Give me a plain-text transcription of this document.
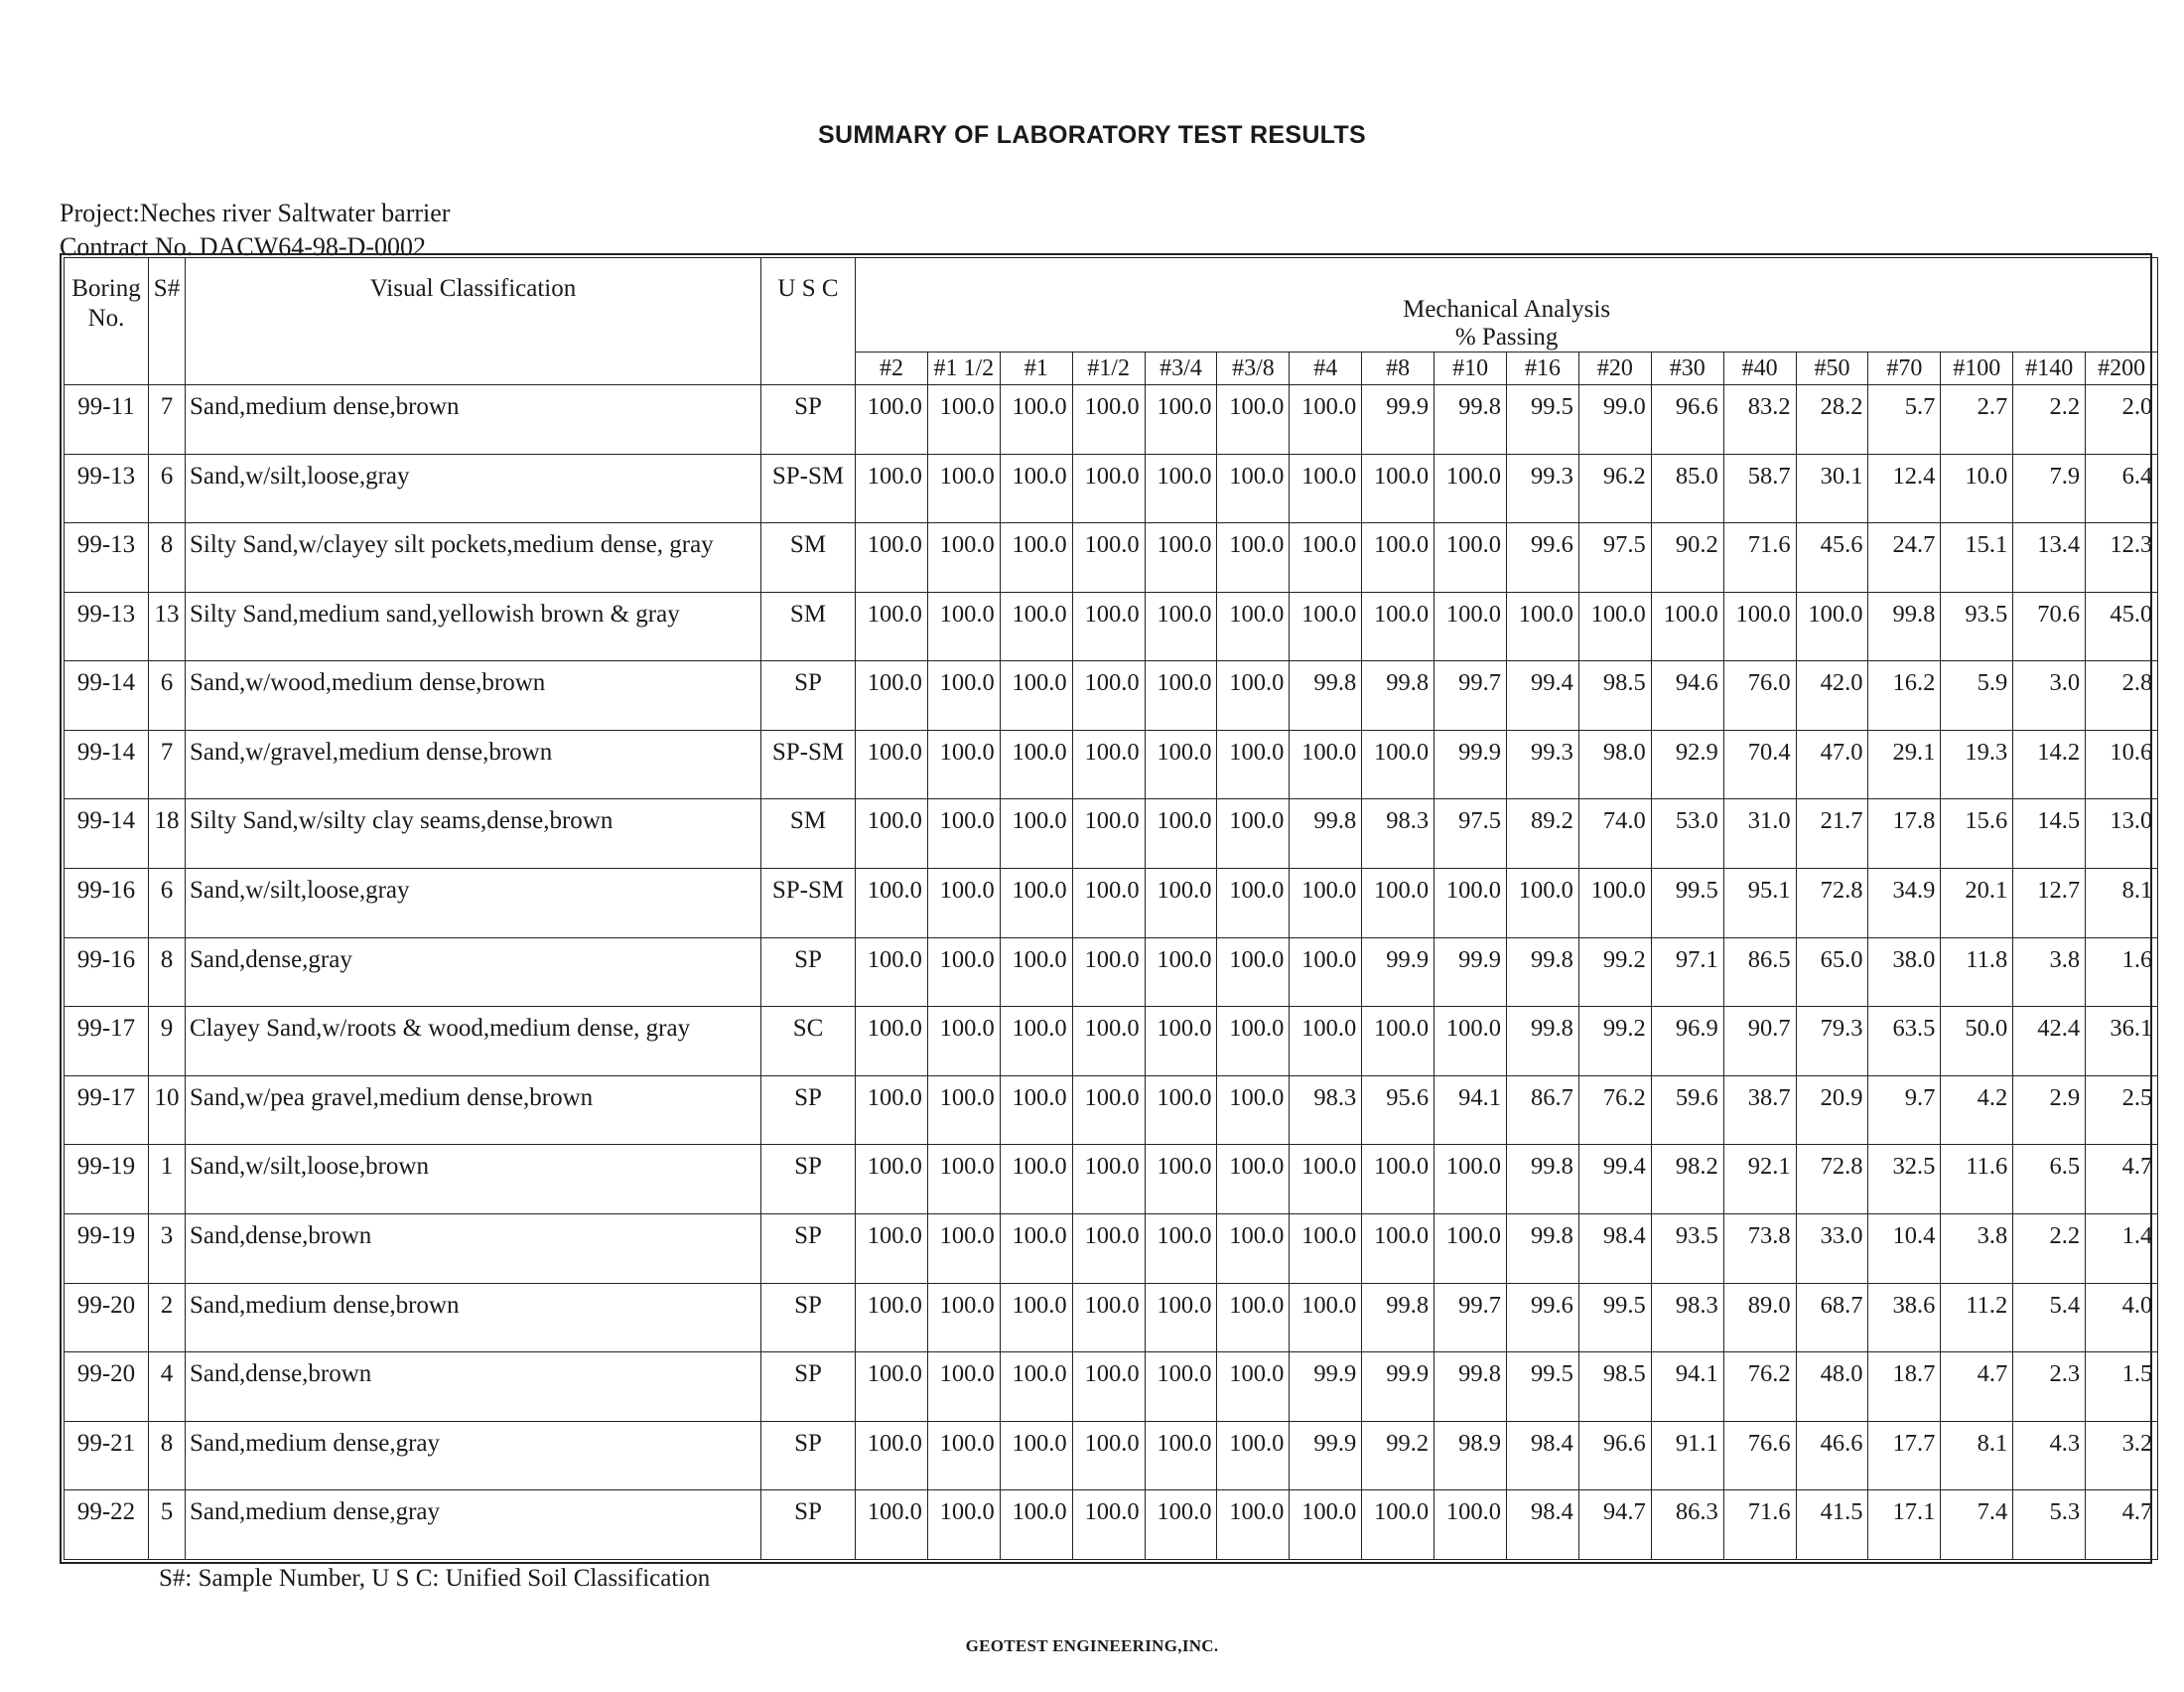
SUMMARY OF LABORATORY TEST RESULTS
Project:Neches river Saltwater barrier
Contract No. DACW64-98-D-0002
Boring No.	S#	Visual Classification	U S C	Mechanical Analysis
% Passing																	

				#2	#1 1/2	#1	#1/2	#3/4	#3/8	#4	#8	#10	#16	#20	#30	#40	#50	#70	#100	#140	#200
99-11	7	Sand,medium dense,brown	SP	100.0	100.0	100.0	100.0	100.0	100.0	100.0	99.9	99.8	99.5	99.0	96.6	83.2	28.2	5.7	2.7	2.2	2.0
99-13	6	Sand,w/silt,loose,gray	SP-SM	100.0	100.0	100.0	100.0	100.0	100.0	100.0	100.0	100.0	99.3	96.2	85.0	58.7	30.1	12.4	10.0	7.9	6.4
99-13	8	Silty Sand,w/clayey silt pockets,medium dense, gray	SM	100.0	100.0	100.0	100.0	100.0	100.0	100.0	100.0	100.0	99.6	97.5	90.2	71.6	45.6	24.7	15.1	13.4	12.3
99-13	13	Silty Sand,medium sand,yellowish brown & gray	SM	100.0	100.0	100.0	100.0	100.0	100.0	100.0	100.0	100.0	100.0	100.0	100.0	100.0	100.0	99.8	93.5	70.6	45.0
99-14	6	Sand,w/wood,medium dense,brown	SP	100.0	100.0	100.0	100.0	100.0	100.0	99.8	99.8	99.7	99.4	98.5	94.6	76.0	42.0	16.2	5.9	3.0	2.8
99-14	7	Sand,w/gravel,medium dense,brown	SP-SM	100.0	100.0	100.0	100.0	100.0	100.0	100.0	100.0	99.9	99.3	98.0	92.9	70.4	47.0	29.1	19.3	14.2	10.6
99-14	18	Silty Sand,w/silty clay seams,dense,brown	SM	100.0	100.0	100.0	100.0	100.0	100.0	99.8	98.3	97.5	89.2	74.0	53.0	31.0	21.7	17.8	15.6	14.5	13.0
99-16	6	Sand,w/silt,loose,gray	SP-SM	100.0	100.0	100.0	100.0	100.0	100.0	100.0	100.0	100.0	100.0	100.0	99.5	95.1	72.8	34.9	20.1	12.7	8.1
99-16	8	Sand,dense,gray	SP	100.0	100.0	100.0	100.0	100.0	100.0	100.0	99.9	99.9	99.8	99.2	97.1	86.5	65.0	38.0	11.8	3.8	1.6
99-17	9	Clayey Sand,w/roots & wood,medium dense, gray	SC	100.0	100.0	100.0	100.0	100.0	100.0	100.0	100.0	100.0	99.8	99.2	96.9	90.7	79.3	63.5	50.0	42.4	36.1
99-17	10	Sand,w/pea gravel,medium dense,brown	SP	100.0	100.0	100.0	100.0	100.0	100.0	98.3	95.6	94.1	86.7	76.2	59.6	38.7	20.9	9.7	4.2	2.9	2.5
99-19	1	Sand,w/silt,loose,brown	SP	100.0	100.0	100.0	100.0	100.0	100.0	100.0	100.0	100.0	99.8	99.4	98.2	92.1	72.8	32.5	11.6	6.5	4.7
99-19	3	Sand,dense,brown	SP	100.0	100.0	100.0	100.0	100.0	100.0	100.0	100.0	100.0	99.8	98.4	93.5	73.8	33.0	10.4	3.8	2.2	1.4
99-20	2	Sand,medium dense,brown	SP	100.0	100.0	100.0	100.0	100.0	100.0	100.0	99.8	99.7	99.6	99.5	98.3	89.0	68.7	38.6	11.2	5.4	4.0
99-20	4	Sand,dense,brown	SP	100.0	100.0	100.0	100.0	100.0	100.0	99.9	99.9	99.8	99.5	98.5	94.1	76.2	48.0	18.7	4.7	2.3	1.5
99-21	8	Sand,medium dense,gray	SP	100.0	100.0	100.0	100.0	100.0	100.0	99.9	99.2	98.9	98.4	96.6	91.1	76.6	46.6	17.7	8.1	4.3	3.2
99-22	5	Sand,medium dense,gray	SP	100.0	100.0	100.0	100.0	100.0	100.0	100.0	100.0	100.0	98.4	94.7	86.3	71.6	41.5	17.1	7.4	5.3	4.7
S#: Sample Number, U S C: Unified Soil Classification
GEOTEST ENGINEERING,INC.
